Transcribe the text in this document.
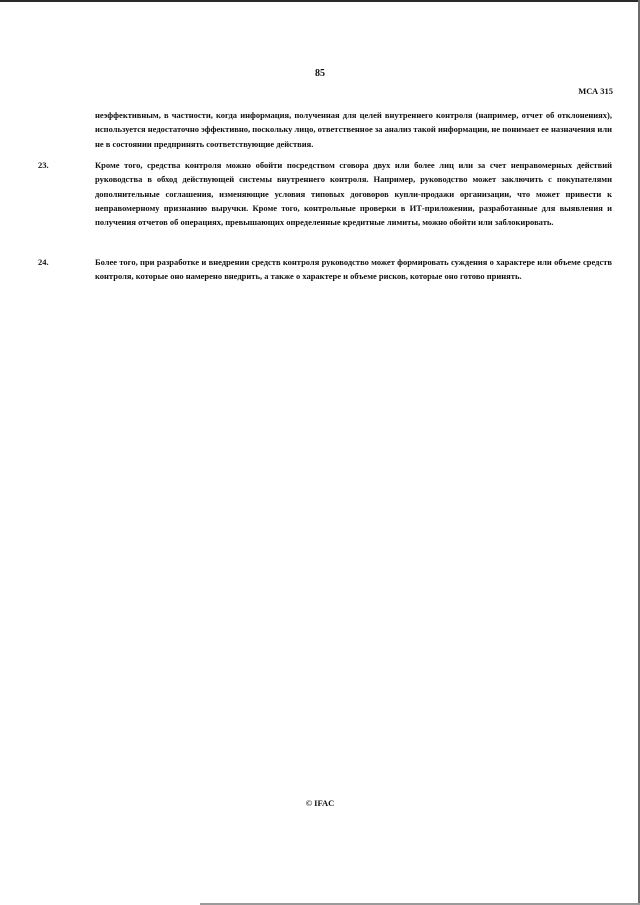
85
МСА 315
неэффективным, в частности, когда информация, полученная для целей внутреннего контроля (например, отчет об отклонениях), используется недостаточно эффективно, поскольку лицо, ответственное за анализ такой информации, не понимает ее назначения или не в состоянии предпринять соответствующие действия.
23.	Кроме того, средства контроля можно обойти посредством сговора двух или более лиц или за счет неправомерных действий руководства в обход действующей системы внутреннего контроля. Например, руководство может заключить с покупателями дополнительные соглашения, изменяющие условия типовых договоров купли-продажи организации, что может привести к неправомерному признанию выручки. Кроме того, контрольные проверки в ИТ-приложении, разработанные для выявления и получения отчетов об операциях, превышающих определенные кредитные лимиты, можно обойти или заблокировать.
24.	Более того, при разработке и внедрении средств контроля руководство может формировать суждения о характере или объеме средств контроля, которые оно намерено внедрить, а также о характере и объеме рисков, которые оно готово принять.
© IFAC
